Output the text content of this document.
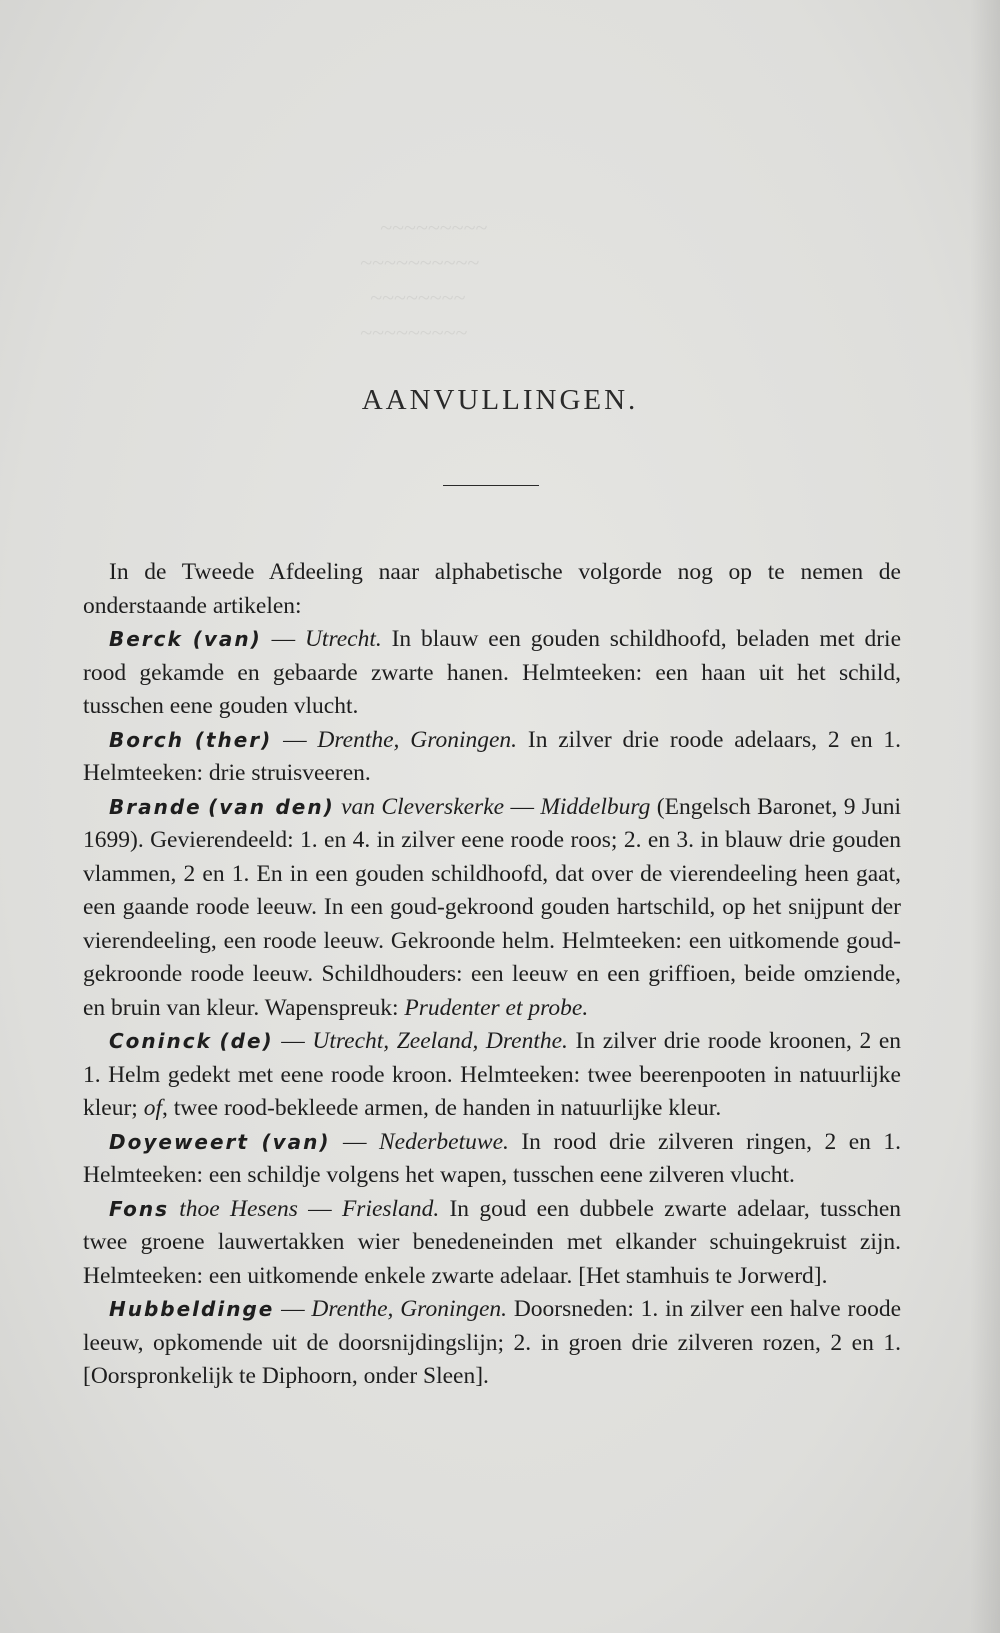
~~~~~~~~~
~~~~~~~~~~
~~~~~~~~
~~~~~~~~~
AANVULLINGEN.

In de Tweede Afdeeling naar alphabetische volgorde nog op te nemen de onderstaande artikelen:

Berck (van) — Utrecht. In blauw een gouden schildhoofd, beladen met drie rood gekamde en gebaarde zwarte hanen. Helmteeken: een haan uit het schild, tusschen eene gouden vlucht.

Borch (ther) — Drenthe, Groningen. In zilver drie roode adelaars, 2 en 1. Helmteeken: drie struisveeren.

Brande (van den) van Cleverskerke — Middelburg (Engelsch Baronet, 9 Juni 1699). Gevierendeeld: 1. en 4. in zilver eene roode roos; 2. en 3. in blauw drie gouden vlammen, 2 en 1. En in een gouden schildhoofd, dat over de vierendeeling heen gaat, een gaande roode leeuw. In een goud-gekroond gouden hartschild, op het snijpunt der vierendeeling, een roode leeuw. Gekroonde helm. Helmteeken: een uitkomende goud-gekroonde roode leeuw. Schildhouders: een leeuw en een griffioen, beide omziende, en bruin van kleur. Wapenspreuk: Prudenter et probe.

Coninck (de) — Utrecht, Zeeland, Drenthe. In zilver drie roode kroonen, 2 en 1. Helm gedekt met eene roode kroon. Helmteeken: twee beerenpooten in natuurlijke kleur; of, twee rood-bekleede armen, de handen in natuurlijke kleur.

Doyeweert (van) — Nederbetuwe. In rood drie zilveren ringen, 2 en 1. Helmteeken: een schildje volgens het wapen, tusschen eene zilveren vlucht.

Fons thoe Hesens — Friesland. In goud een dubbele zwarte adelaar, tusschen twee groene lauwertakken wier benedeneinden met elkander schuingekruist zijn. Helmteeken: een uitkomende enkele zwarte adelaar. [Het stamhuis te Jorwerd].

Hubbeldinge — Drenthe, Groningen. Doorsneden: 1. in zilver een halve roode leeuw, opkomende uit de doorsnijdingslijn; 2. in groen drie zilveren rozen, 2 en 1. [Oorspronkelijk te Diphoorn, onder Sleen].
